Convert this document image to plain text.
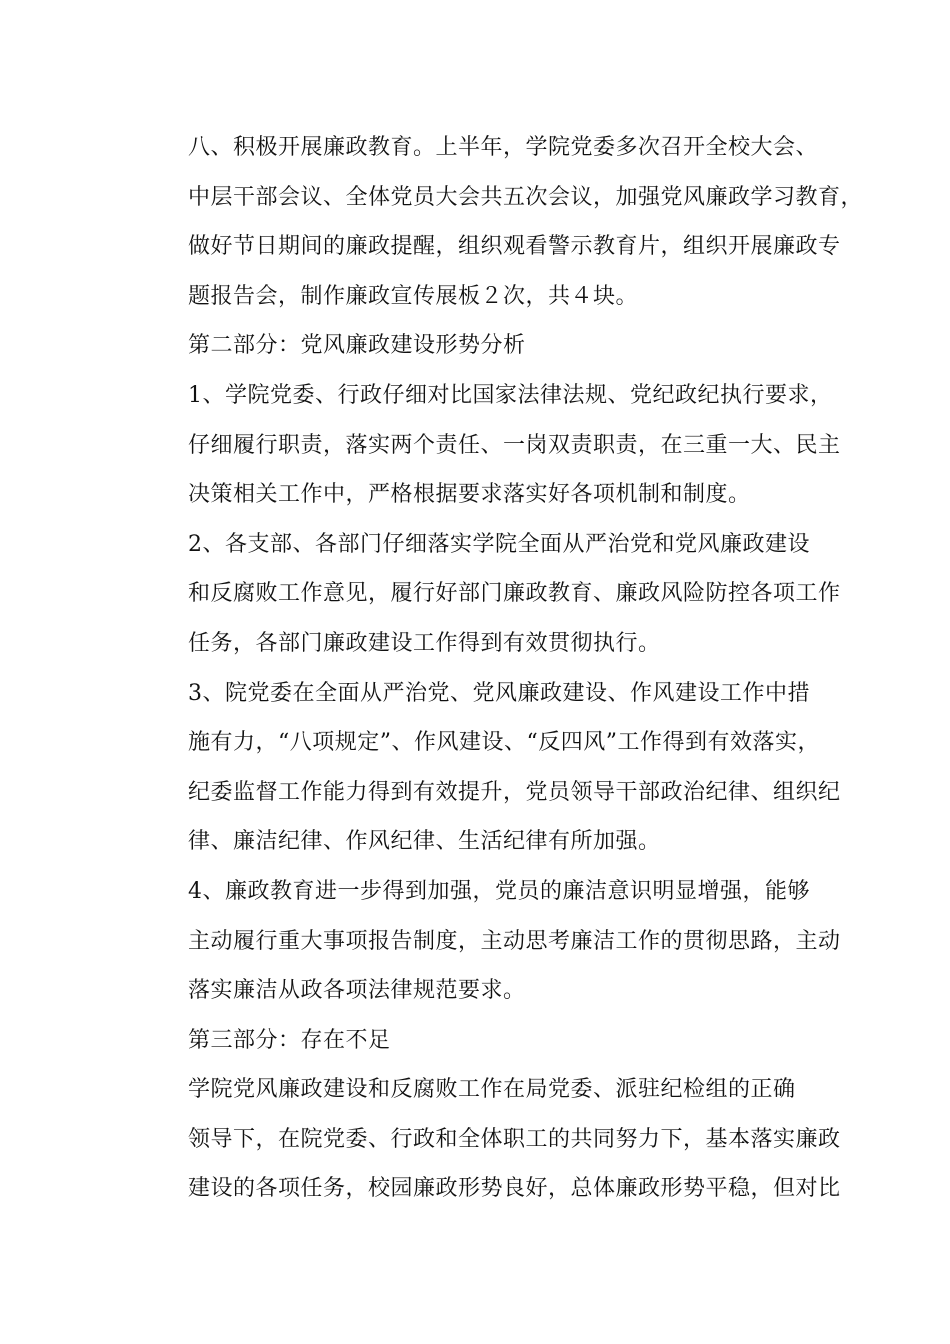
八、积极开展廉政教育。上半年，学院党委多次召开全校大会、
中层干部会议、全体党员大会共五次会议，加强党风廉政学习教育，
做好节日期间的廉政提醒，组织观看警示教育片，组织开展廉政专
题报告会，制作廉政宣传展板２次，共４块。
第二部分：党风廉政建设形势分析
1、学院党委、行政仔细对比国家法律法规、党纪政纪执行要求，
仔细履行职责，落实两个责任、一岗双责职责，在三重一大、民主
决策相关工作中，严格根据要求落实好各项机制和制度。
2、各支部、各部门仔细落实学院全面从严治党和党风廉政建设
和反腐败工作意见，履行好部门廉政教育、廉政风险防控各项工作
任务，各部门廉政建设工作得到有效贯彻执行。
3、院党委在全面从严治党、党风廉政建设、作风建设工作中措
施有力，“八项规定”、作风建设、“反四风”工作得到有效落实，
纪委监督工作能力得到有效提升，党员领导干部政治纪律、组织纪
律、廉洁纪律、作风纪律、生活纪律有所加强。
4、廉政教育进一步得到加强，党员的廉洁意识明显增强，能够
主动履行重大事项报告制度，主动思考廉洁工作的贯彻思路，主动
落实廉洁从政各项法律规范要求。
第三部分：存在不足
学院党风廉政建设和反腐败工作在局党委、派驻纪检组的正确
领导下，在院党委、行政和全体职工的共同努力下，基本落实廉政
建设的各项任务，校园廉政形势良好，总体廉政形势平稳，但对比
